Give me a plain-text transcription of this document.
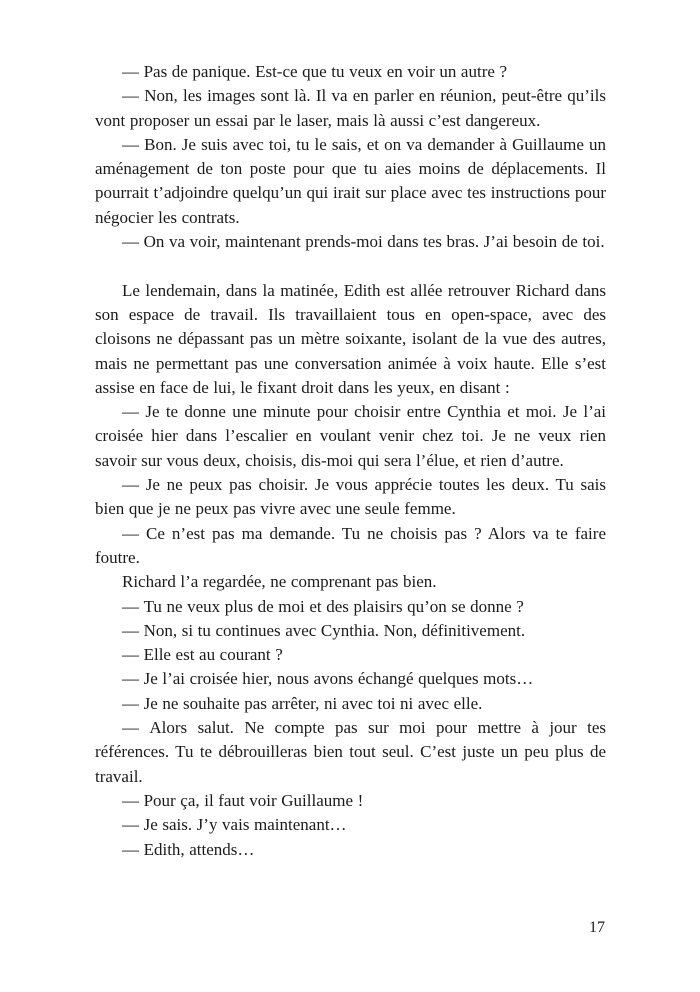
— Pas de panique. Est-ce que tu veux en voir un autre ?

— Non, les images sont là. Il va en parler en réunion, peut-être qu’ils vont proposer un essai par le laser, mais là aussi c’est dangereux.

— Bon. Je suis avec toi, tu le sais, et on va demander à Guillaume un aménagement de ton poste pour que tu aies moins de déplacements. Il pourrait t’adjoindre quelqu’un qui irait sur place avec tes instructions pour négocier les contrats.

— On va voir, maintenant prends-moi dans tes bras. J’ai besoin de toi.

Le lendemain, dans la matinée, Edith est allée retrouver Richard dans son espace de travail. Ils travaillaient tous en open-space, avec des cloisons ne dépassant pas un mètre soixante, isolant de la vue des autres, mais ne permettant pas une conversation animée à voix haute. Elle s’est assise en face de lui, le fixant droit dans les yeux, en disant :

— Je te donne une minute pour choisir entre Cynthia et moi. Je l’ai croisée hier dans l’escalier en voulant venir chez toi. Je ne veux rien savoir sur vous deux, choisis, dis-moi qui sera l’élue, et rien d’autre.

— Je ne peux pas choisir. Je vous apprécie toutes les deux. Tu sais bien que je ne peux pas vivre avec une seule femme.

— Ce n’est pas ma demande. Tu ne choisis pas ? Alors va te faire foutre.

Richard l’a regardée, ne comprenant pas bien.

— Tu ne veux plus de moi et des plaisirs qu’on se donne ?

— Non, si tu continues avec Cynthia. Non, définitivement.

— Elle est au courant ?

— Je l’ai croisée hier, nous avons échangé quelques mots…

— Je ne souhaite pas arrêter, ni avec toi ni avec elle.

— Alors salut. Ne compte pas sur moi pour mettre à jour tes références. Tu te débrouilleras bien tout seul. C’est juste un peu plus de travail.

— Pour ça, il faut voir Guillaume !

— Je sais. J’y vais maintenant…

— Edith, attends…

17
